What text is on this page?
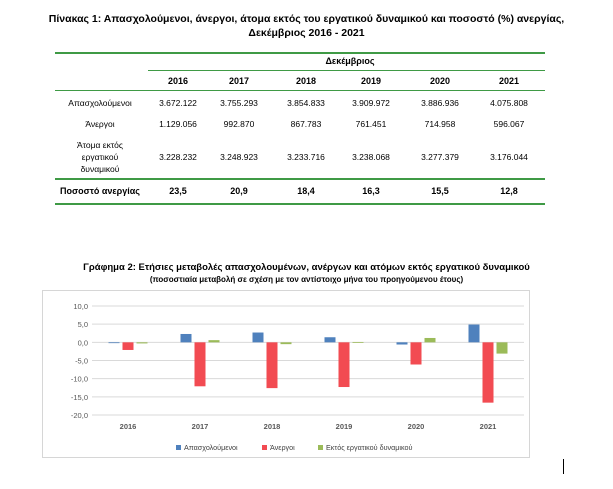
Πίνακας 1: Απασχολούμενοι, άνεργοι, άτομα εκτός του εργατικού δυναμικού και ποσοστό (%) ανεργίας,
Δεκέμβριος 2016 - 2021
Δεκέμβριος
2016	2017	2018	2019	2020	2021
Απασχολούμενοι	3.672.122	3.755.293	3.854.833	3.909.972	3.886.936	4.075.808
Άνεργοι	1.129.056	992.870	867.783	761.451	714.958	596.067
Άτομα εκτός
εργατικού
δυναμικού
3.228.232	3.248.923	3.233.716	3.238.068	3.277.379	3.176.044
Ποσοστό ανεργίας	23,5	20,9	18,4	16,3	15,5	12,8
Γράφημα 2: Ετήσιες μεταβολές απασχολουμένων, ανέργων και ατόμων εκτός εργατικού δυναμικού
(ποσοστιαία μεταβολή σε σχέση με τον αντίστοιχο μήνα του προηγούμενου έτους)
10,0
5,0
0,0
-5,0
-10,0
-15,0
-20,0
2016	2017	2018	2019	2020	2021
Απασχολούμενοι	Άνεργοι	Εκτός εργατικού δυναμικού
